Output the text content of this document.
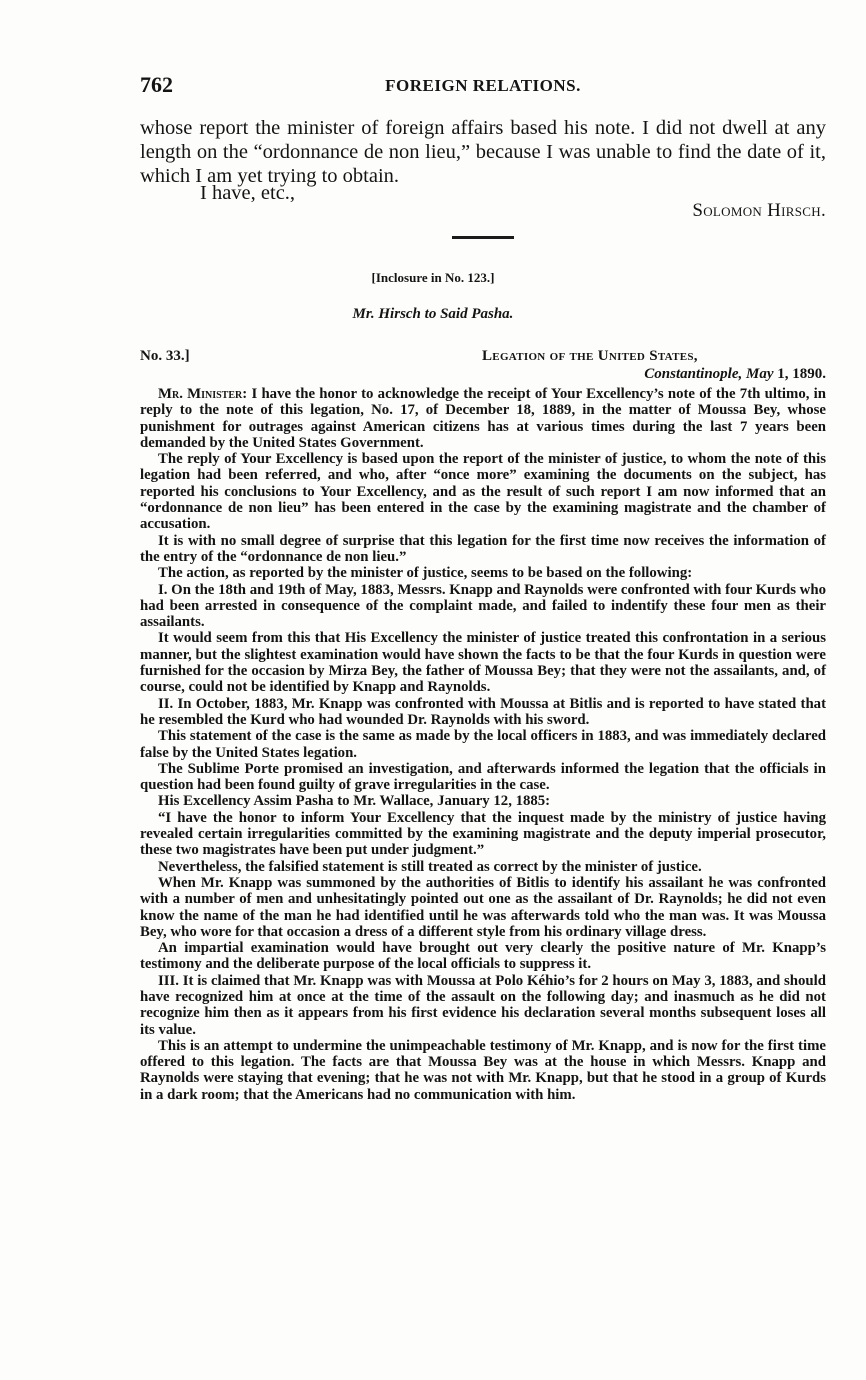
762	FOREIGN RELATIONS.

whose report the minister of foreign affairs based his note. I did not dwell at any length on the “ordonnance de non lieu,” because I was unable to find the date of it, which I am yet trying to obtain.

I have, etc.,
Solomon Hirsch.
[Inclosure in No. 123.]
Mr. Hirsch to Said Pasha.
No. 33.]	Legation of the United States,
Constantinople, May 1, 1890.

Mr. Minister: I have the honor to acknowledge the receipt of Your Excellency’s note of the 7th ultimo, in reply to the note of this legation, No. 17, of December 18, 1889, in the matter of Moussa Bey, whose punishment for outrages against American citizens has at various times during the last 7 years been demanded by the United States Government.

The reply of Your Excellency is based upon the report of the minister of justice, to whom the note of this legation had been referred, and who, after “once more” examining the documents on the subject, has reported his conclusions to Your Excellency, and as the result of such report I am now informed that an “ordonnance de non lieu” has been entered in the case by the examining magistrate and the chamber of accusation.

It is with no small degree of surprise that this legation for the first time now receives the information of the entry of the “ordonnance de non lieu.”

The action, as reported by the minister of justice, seems to be based on the following:

I. On the 18th and 19th of May, 1883, Messrs. Knapp and Raynolds were confronted with four Kurds who had been arrested in consequence of the complaint made, and failed to indentify these four men as their assailants.

It would seem from this that His Excellency the minister of justice treated this confrontation in a serious manner, but the slightest examination would have shown the facts to be that the four Kurds in question were furnished for the occasion by Mirza Bey, the father of Moussa Bey; that they were not the assailants, and, of course, could not be identified by Knapp and Raynolds.

II. In October, 1883, Mr. Knapp was confronted with Moussa at Bitlis and is reported to have stated that he resembled the Kurd who had wounded Dr. Raynolds with his sword.

This statement of the case is the same as made by the local officers in 1883, and was immediately declared false by the United States legation.

The Sublime Porte promised an investigation, and afterwards informed the legation that the officials in question had been found guilty of grave irregularities in the case.

His Excellency Assim Pasha to Mr. Wallace, January 12, 1885:

“I have the honor to inform Your Excellency that the inquest made by the ministry of justice having revealed certain irregularities committed by the examining magistrate and the deputy imperial prosecutor, these two magistrates have been put under judgment.”

Nevertheless, the falsified statement is still treated as correct by the minister of justice.

When Mr. Knapp was summoned by the authorities of Bitlis to identify his assailant he was confronted with a number of men and unhesitatingly pointed out one as the assailant of Dr. Raynolds; he did not even know the name of the man he had identified until he was afterwards told who the man was. It was Moussa Bey, who wore for that occasion a dress of a different style from his ordinary village dress.

An impartial examination would have brought out very clearly the positive nature of Mr. Knapp’s testimony and the deliberate purpose of the local officials to suppress it.

III. It is claimed that Mr. Knapp was with Moussa at Polo Kéhio’s for 2 hours on May 3, 1883, and should have recognized him at once at the time of the assault on the following day; and inasmuch as he did not recognize him then as it appears from his first evidence his declaration several months subsequent loses all its value.

This is an attempt to undermine the unimpeachable testimony of Mr. Knapp, and is now for the first time offered to this legation. The facts are that Moussa Bey was at the house in which Messrs. Knapp and Raynolds were staying that evening; that he was not with Mr. Knapp, but that he stood in a group of Kurds in a dark room; that the Americans had no communication with him.
